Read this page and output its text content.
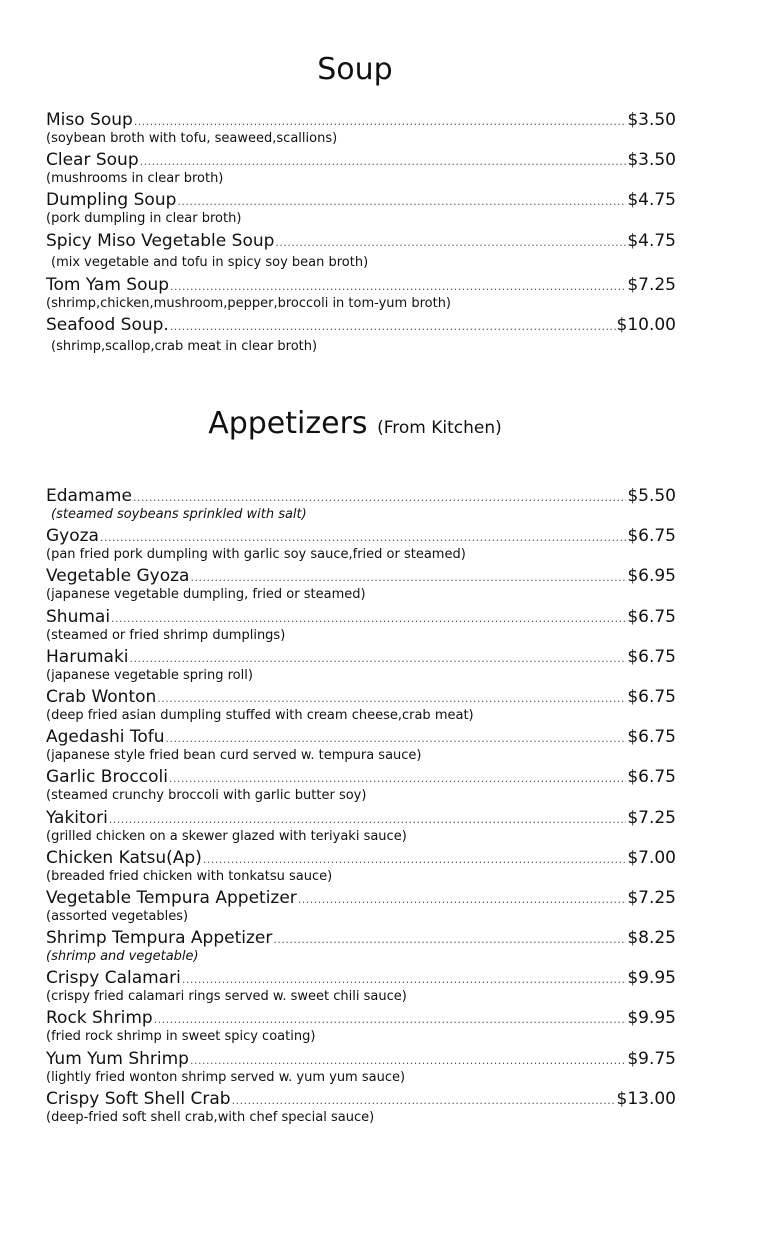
Soup
Miso Soup .....	$3.50

(soybean broth with tofu, seaweed,scallions)

Clear Soup .....	$3.50

(mushrooms in clear broth)

Dumpling Soup .....	$4.75

(pork dumpling in clear broth)

Spicy Miso Vegetable Soup .....	$4.75

(mix vegetable and tofu in spicy soy bean broth)

Tom Yam Soup .....	$7.25

(shrimp,chicken,mushroom,pepper,broccoli in tom-yum broth)

Seafood Soup. .....	$10.00

(shrimp,scallop,crab meat in clear broth)

Appetizers (From Kitchen)
Edamame .....	$5.50

(steamed soybeans sprinkled with salt)

Gyoza .....	$6.75

(pan fried pork dumpling with garlic soy sauce,fried or steamed)

Vegetable Gyoza .....	$6.95

(japanese vegetable dumpling, fried or steamed)

Shumai .....	$6.75

(steamed or fried shrimp dumplings)

Harumaki .....	$6.75

(japanese vegetable spring roll)

Crab Wonton .....	$6.75

(deep fried asian dumpling stuffed with cream cheese,crab meat)

Agedashi Tofu .....	$6.75

(japanese style fried bean curd served w. tempura sauce)

Garlic Broccoli .....	$6.75

(steamed crunchy broccoli with garlic butter soy)

Yakitori .....	$7.25

(grilled chicken on a skewer glazed with teriyaki sauce)

Chicken Katsu(Ap) .....	$7.00

(breaded fried chicken with tonkatsu sauce)

Vegetable Tempura Appetizer .....	$7.25

(assorted vegetables)

Shrimp Tempura Appetizer .....	$8.25

(shrimp and vegetable)

Crispy Calamari .....	$9.95

(crispy fried calamari rings served w. sweet chili sauce)

Rock Shrimp .....	$9.95

(fried rock shrimp in sweet spicy coating)

Yum Yum Shrimp .....	$9.75

(lightly fried wonton shrimp served w. yum yum sauce)

Crispy Soft Shell Crab .....	$13.00

(deep-fried soft shell crab,with chef special sauce)
